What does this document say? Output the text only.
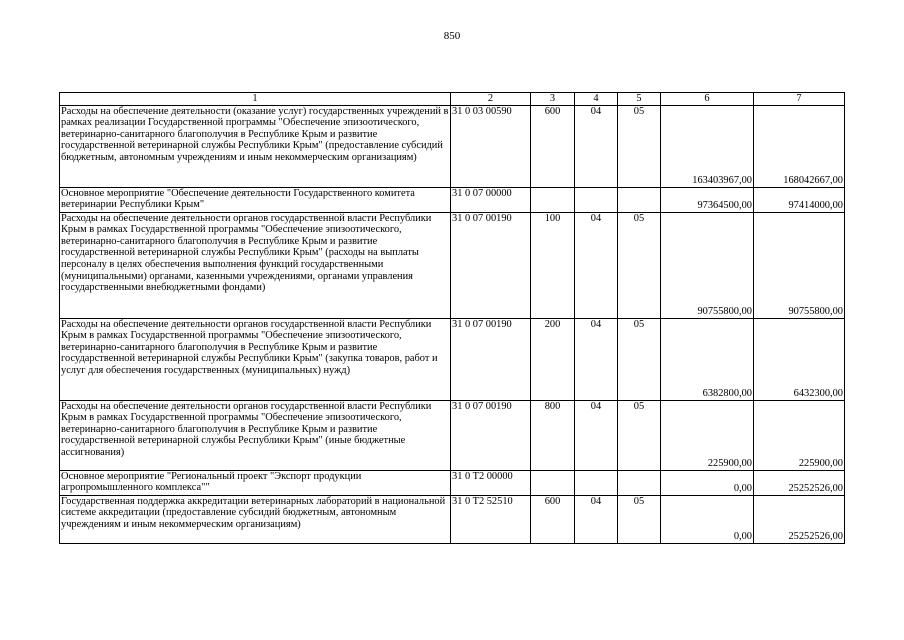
850
1	2	3	4	5	6	7
Расходы на обеспечение деятельности (оказание услуг) государственных учреждений в рамках реализации Государственной программы "Обеспечение эпизоотического, ветеринарно-санитарного благополучия в Республике Крым и развитие государственной ветеринарной службы Республики Крым" (предоставление субсидий бюджетным, автономным учреждениям и иным некоммерческим организациям)	31 0 03 00590	600	04	05	163403967,00	168042667,00
Основное мероприятие "Обеспечение деятельности Государственного комитета ветеринарии Республики Крым"	31 0 07 00000				97364500,00	97414000,00
Расходы на обеспечение деятельности органов государственной власти Республики Крым в рамках Государственной программы "Обеспечение эпизоотического, ветеринарно-санитарного благополучия в Республике Крым и развитие государственной ветеринарной службы Республики Крым" (расходы на выплаты персоналу в целях обеспечения выполнения функций государственными (муниципальными) органами, казенными учреждениями, органами управления государственными внебюджетными фондами)	31 0 07 00190	100	04	05	90755800,00	90755800,00
Расходы на обеспечение деятельности органов государственной власти Республики Крым в рамках Государственной программы "Обеспечение эпизоотического, ветеринарно-санитарного благополучия в Республике Крым и развитие государственной ветеринарной службы Республики Крым" (закупка товаров, работ и услуг для обеспечения государственных (муниципальных) нужд)	31 0 07 00190	200	04	05	6382800,00	6432300,00
Расходы на обеспечение деятельности органов государственной власти Республики Крым в рамках Государственной программы "Обеспечение эпизоотического, ветеринарно-санитарного благополучия в Республике Крым и развитие государственной ветеринарной службы Республики Крым" (иные бюджетные ассигнования)	31 0 07 00190	800	04	05	225900,00	225900,00
Основное мероприятие "Региональный проект "Экспорт продукции агропромышленного комплекса""	31 0 T2 00000				0,00	25252526,00
Государственная поддержка аккредитации ветеринарных лабораторий в национальной системе аккредитации (предоставление субсидий бюджетным, автономным учреждениям и иным некоммерческим организациям)	31 0 T2 52510	600	04	05	0,00	25252526,00
